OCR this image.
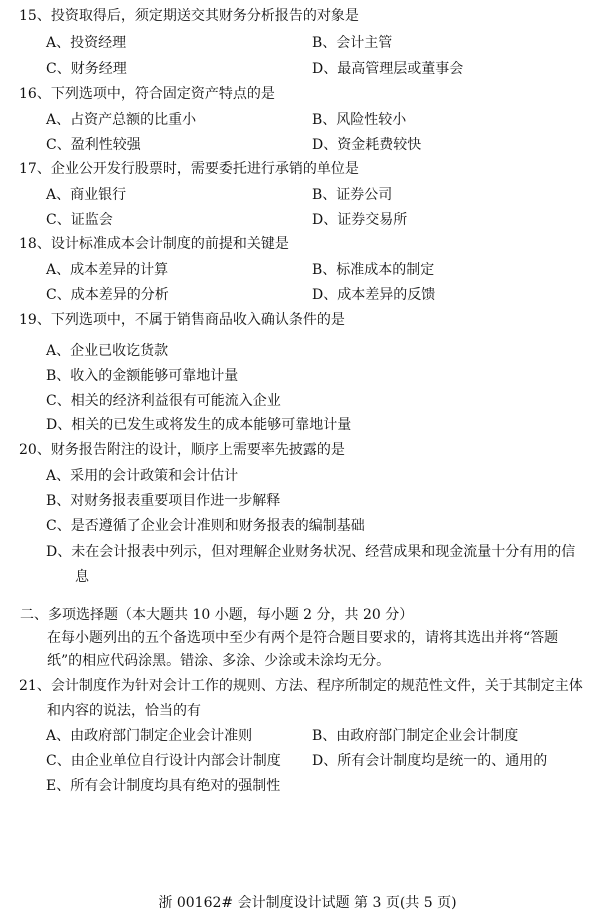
15、投资取得后，须定期送交其财务分析报告的对象是
A、投资经理	B、会计主管
C、财务经理	D、最高管理层或董事会
16、下列选项中，符合固定资产特点的是
A、占资产总额的比重小	B、风险性较小
C、盈利性较强	D、资金耗费较快
17、企业公开发行股票时，需要委托进行承销的单位是
A、商业银行	B、证券公司
C、证监会	D、证券交易所
18、设计标准成本会计制度的前提和关键是
A、成本差异的计算	B、标准成本的制定
C、成本差异的分析	D、成本差异的反馈
19、下列选项中，不属于销售商品收入确认条件的是
A、企业已收讫货款
B、收入的金额能够可靠地计量
C、相关的经济利益很有可能流入企业
D、相关的已发生或将发生的成本能够可靠地计量
20、财务报告附注的设计，顺序上需要率先披露的是
A、采用的会计政策和会计估计
B、对财务报表重要项目作进一步解释
C、是否遵循了企业会计准则和财务报表的编制基础
D、未在会计报表中列示，但对理解企业财务状况、经营成果和现金流量十分有用的信
息
二、多项选择题（本大题共 10 小题，每小题 2 分，共 20 分）
在每小题列出的五个备选项中至少有两个是符合题目要求的，请将其选出并将“答题
纸”的相应代码涂黑。错涂、多涂、少涂或未涂均无分。
21、会计制度作为针对会计工作的规则、方法、程序所制定的规范性文件，关于其制定主体
和内容的说法，恰当的有
A、由政府部门制定企业会计准则	B、由政府部门制定企业会计制度
C、由企业单位自行设计内部会计制度 D、所有会计制度均是统一的、通用的
E、所有会计制度均具有绝对的强制性
浙 00162# 会计制度设计试题 第 3 页(共 5 页)
